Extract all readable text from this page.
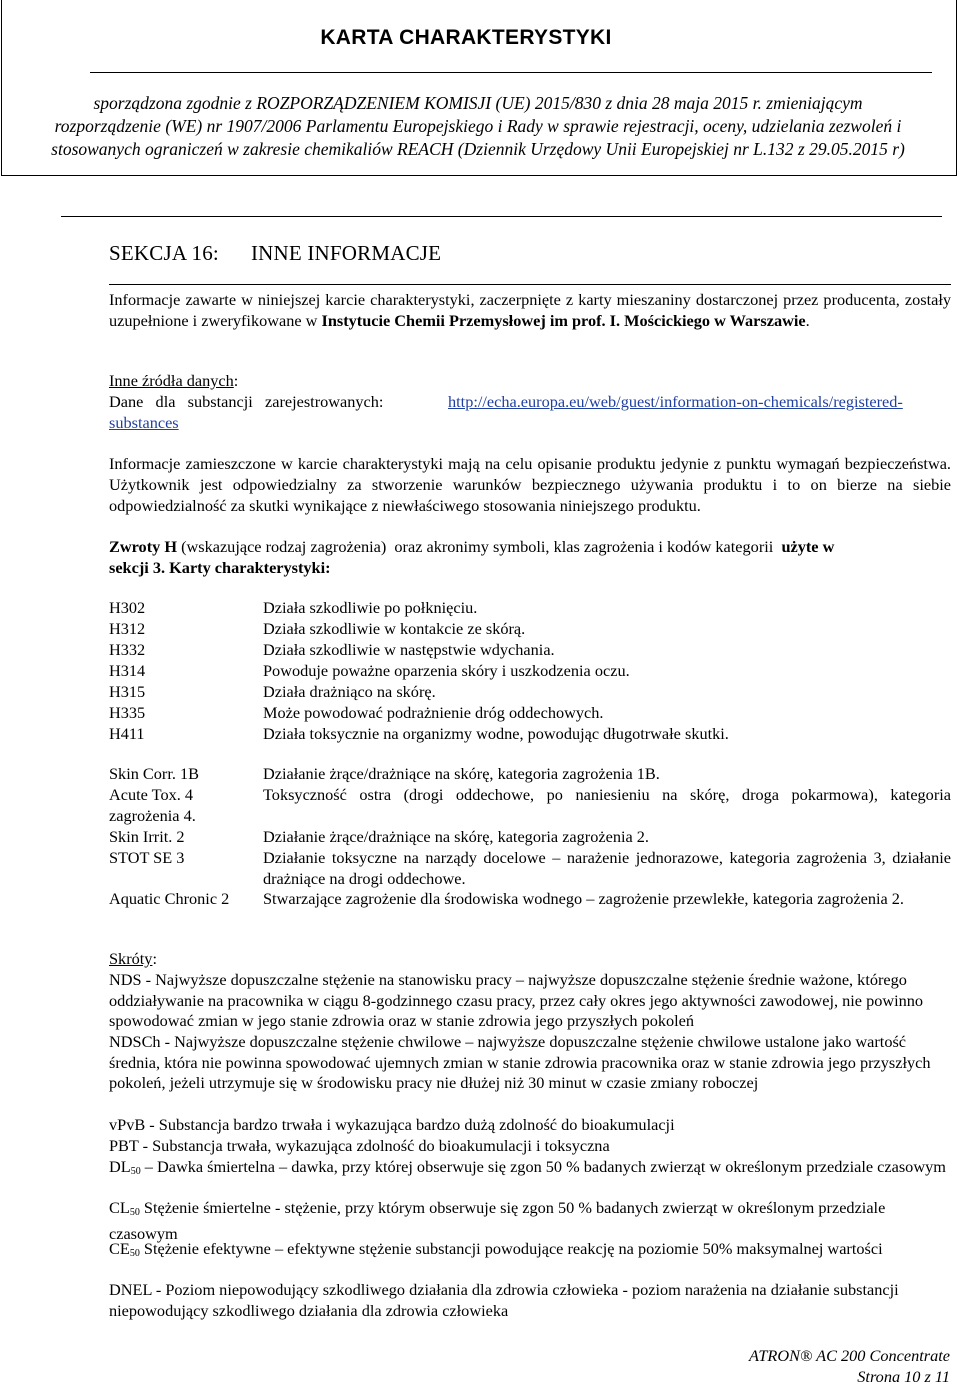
KARTA CHARAKTERYSTYKI
sporządzona zgodnie z ROZPORZĄDZENIEM KOMISJI (UE) 2015/830 z dnia 28 maja 2015 r. zmieniającym
rozporządzenie (WE) nr 1907/2006 Parlamentu Europejskiego i Rady w sprawie rejestracji, oceny, udzielania zezwoleń i
stosowanych ograniczeń w zakresie chemikaliów REACH (Dziennik Urzędowy Unii Europejskiej nr L.132 z 29.05.2015 r)
SEKCJA 16: INNE INFORMACJE
Informacje zawarte w niniejszej karcie charakterystyki, zaczerpnięte z karty mieszaniny dostarczonej przez producenta, zostały uzupełnione i zweryfikowane w Instytucie Chemii Przemysłowej im prof. I. Mościckiego w Warszawie.
Inne źródła danych:
Dane   dla   substancji   zarejestrowanych:	http://echa.europa.eu/web/guest/information-on-chemicals/registered-
substances
Informacje zamieszczone w karcie charakterystyki mają na celu opisanie produktu jedynie z punktu wymagań bezpieczeństwa. Użytkownik jest odpowiedzialny za stworzenie warunków bezpiecznego używania produktu i to on bierze na siebie odpowiedzialność za skutki wynikające z niewłaściwego stosowania niniejszego produktu.
Zwroty H (wskazujące rodzaj zagrożenia)  oraz akronimy symboli, klas zagrożenia i kodów kategorii  użyte w
sekcji 3. Karty charakterystyki:
H302	Działa szkodliwie po połknięciu.
H312	Działa szkodliwie w kontakcie ze skórą.
H332	Działa szkodliwie w następstwie wdychania.
H314	Powoduje poważne oparzenia skóry i uszkodzenia oczu.
H315	Działa drażniąco na skórę.
H335	Może powodować podrażnienie dróg oddechowych.
H411	Działa toksycznie na organizmy wodne, powodując długotrwałe skutki.
Skin Corr. 1B	Działanie żrące/drażniące na skórę, kategoria zagrożenia 1B.
Acute Tox. 4	Toksyczność ostra (drogi oddechowe, po naniesieniu na skórę, droga pokarmowa), kategoria
zagrożenia 4.
Skin Irrit. 2	Działanie żrące/drażniące na skórę, kategoria zagrożenia 2.
STOT SE 3	Działanie toksyczne na narządy docelowe – narażenie jednorazowe, kategoria zagrożenia 3, działanie drażniące na drogi oddechowe.
Aquatic Chronic 2 Stwarzające zagrożenie dla środowiska wodnego – zagrożenie przewlekłe, kategoria zagrożenia 2.
Skróty:
NDS - Najwyższe dopuszczalne stężenie na stanowisku pracy – najwyższe dopuszczalne stężenie średnie ważone, którego oddziaływanie na pracownika w ciągu 8-godzinnego czasu pracy, przez cały okres jego aktywności zawodowej, nie powinno spowodować zmian w jego stanie zdrowia oraz w stanie zdrowia jego przyszłych pokoleń
NDSCh - Najwyższe dopuszczalne stężenie chwilowe – najwyższe dopuszczalne stężenie chwilowe ustalone jako wartość średnia, która nie powinna spowodować ujemnych zmian w stanie zdrowia pracownika oraz w stanie zdrowia jego przyszłych pokoleń, jeżeli utrzymuje się w środowisku pracy nie dłużej niż 30 minut w czasie zmiany roboczej
vPvB - Substancja bardzo trwała i wykazująca bardzo dużą zdolność do bioakumulacji
PBT - Substancja trwała, wykazująca zdolność do bioakumulacji i toksyczna
$DL_{50}$ – Dawka śmiertelna – dawka, przy której obserwuje się zgon 50 % badanych zwierząt w określonym przedziale czasowym
$CL_{50}$ Stężenie śmiertelne - stężenie, przy którym obserwuje się zgon 50 % badanych zwierząt w określonym przedziale czasowym
$CE_{50}$ Stężenie efektywne – efektywne stężenie substancji powodujące reakcję na poziomie 50% maksymalnej wartości
DNEL - Poziom niepowodujący szkodliwego działania dla zdrowia człowieka - poziom narażenia na działanie substancji niepowodujący szkodliwego działania dla zdrowia człowieka
ATRON® AC 200 Concentrate
Strona 10 z 11
